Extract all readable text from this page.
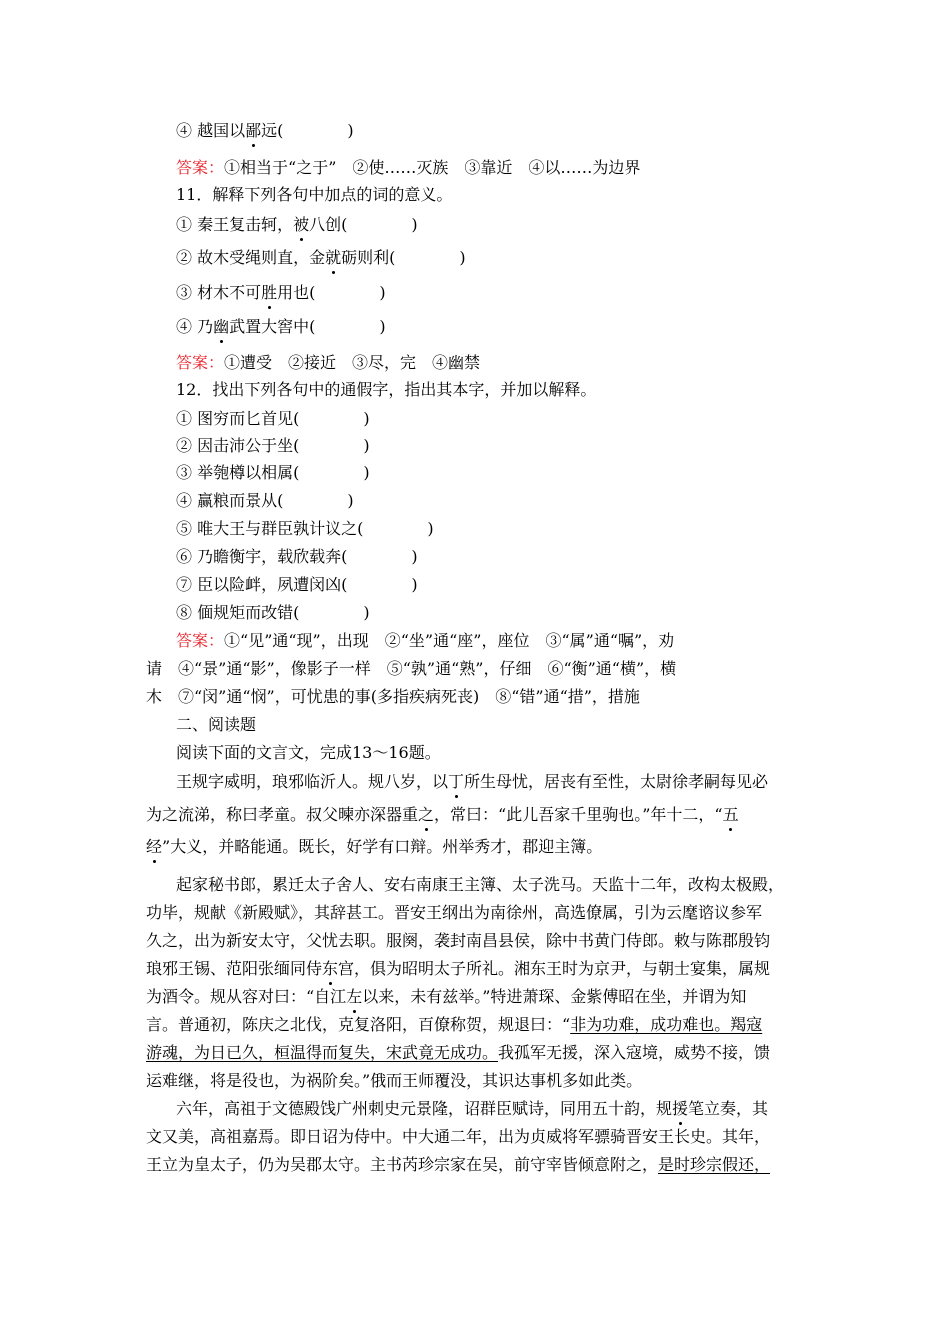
④ 越国以鄙远(　　　　)
答案：①相当于“之于”　②使……灭族　③靠近　④以……为边界
11．解释下列各句中加点的词的意义。
① 秦王复击轲，被八创(　　　　)
② 故木受绳则直，金就砺则利(　　　　)
③ 材木不可胜用也(　　　　)
④ 乃幽武置大窖中(　　　　)
答案：①遭受　②接近　③尽，完　④幽禁
12．找出下列各句中的通假字，指出其本字，并加以解释。
① 图穷而匕首见(　　　　)
② 因击沛公于坐(　　　　)
③ 举匏樽以相属(　　　　)
④ 赢粮而景从(　　　　)
⑤ 唯大王与群臣孰计议之(　　　　)
⑥ 乃瞻衡宇，载欣载奔(　　　　)
⑦ 臣以险衅，夙遭闵凶(　　　　)
⑧ 偭规矩而改错(　　　　)
答案：①“见”通“现”，出现　②“坐”通“座”，座位　③“属”通“嘱”，劝
请　④“景”通“影”，像影子一样　⑤“孰”通“熟”，仔细　⑥“衡”通“横”，横
木　⑦“闵”通“悯”，可忧患的事(多指疾病死丧)　⑧“错”通“措”，措施
二、阅读题
阅读下面的文言文，完成13～16题。
王规字威明，琅邪临沂人。规八岁，以丁所生母忧，居丧有至性，太尉徐孝嗣每见必
为之流涕，称曰孝童。叔父暕亦深器重之，常曰：“此儿吾家千里驹也。”年十二，“五
经”大义，并略能通。既长，好学有口辩。州举秀才，郡迎主簿。
起家秘书郎，累迁太子舍人、安右南康王主簿、太子洗马。天监十二年，改构太极殿，
功毕，规献《新殿赋》，其辞甚工。晋安王纲出为南徐州，高选僚属，引为云麾谘议参军
久之，出为新安太守，父忧去职。服阕，袭封南昌县侯，除中书黄门侍郎。敕与陈郡殷钧
琅邪王锡、范阳张缅同侍东宫，俱为昭明太子所礼。湘东王时为京尹，与朝士宴集，属规
为酒令。规从容对曰：“自江左以来，未有兹举。”特进萧琛、金紫傅昭在坐，并谓为知
言。普通初，陈庆之北伐，克复洛阳，百僚称贺，规退曰：“非为功难，成功难也。羯寇
游魂，为日已久，桓温得而复失，宋武竟无成功。我孤军无援，深入寇境，威势不接，馈
运难继，将是役也，为祸阶矣。”俄而王师覆没，其识达事机多如此类。
六年，高祖于文德殿饯广州刺史元景隆，诏群臣赋诗，同用五十韵，规援笔立奏，其
文又美，高祖嘉焉。即日诏为侍中。中大通二年，出为贞威将军骠骑晋安王长史。其年，
王立为皇太子，仍为吴郡太守。主书芮珍宗家在吴，前守宰皆倾意附之，是时珍宗假还，
